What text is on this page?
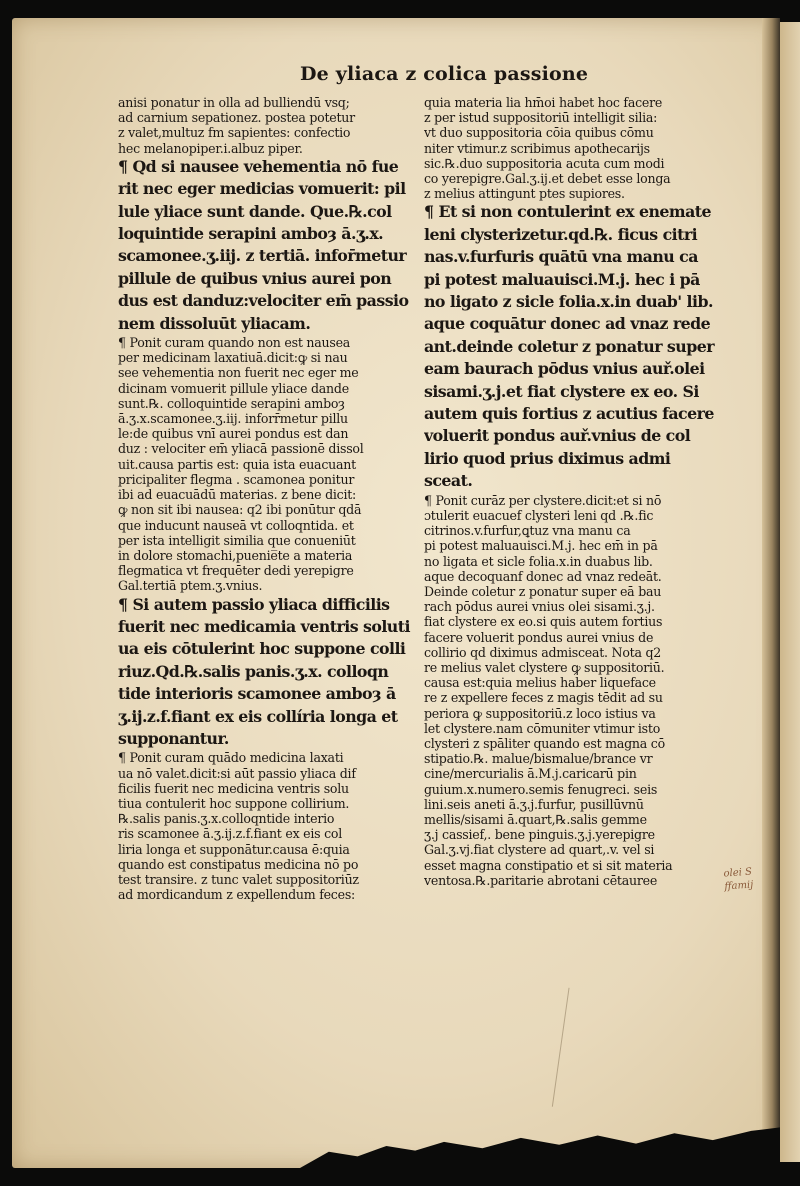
De yliaca z colica passione
anisi ponatur in olla ad bulliendū vsq;
ad carnium sepationez. postea potetur
z valet,multuz fm sapientes: confectio
hec melanopiper.i.albuz piper.
¶ Qd si nausee vehementia nō fue
rit nec eger medicias vomuerit: pil
lule yliace sunt dande. Que.℞.col
loquintide serapini amboȝ ā.ʒ.x.
scamonee.ʒ.iij. z tertiā. infor̄metur
pillule de quibus vnius aurei pon
dus est danduz:velociter em̄ passio
nem dissoluūt yliacam.
¶ Ponit curam quando non est nausea
per medicinam laxatiuā.dicit:ꝙ si nau
see vehementia non fuerit nec eger me
dicinam vomuerit pillule yliace dande
sunt.℞. colloquintide serapini amboȝ
ā.ʒ.x.scamonee.ʒ.iij. inforr̄metur pillu
le:de quibus vnī aurei pondus est dan
duz : velociter em̄ yliacā passionē dissol
uit.causa partis est: quia ista euacuant
pricipaliter flegma . scamonea ponitur
ibi ad euacuādū materias. z bene dicit:
ꝙ non sit ibi nausea: q2 ibi ponūtur qdā
que inducunt nauseā vt colloqntida. et
per ista intelligit similia que conueniūt
in dolore stomachi,puenie̅te a materia
flegmatica vt frequēter dedi yerepigre
Gal.tertiā ptem.ʒ.vnius.
¶ Si autem passio yliaca difficilis
fuerit nec medicamia ventris soluti
ua eis cōtulerint hoc suppone colli
riuz.Qd.℞.salis panis.ʒ.x. colloqn
tide interioris scamonee amboȝ ā
ʒ.ij.z.f.fiant ex eis collíria longa et
supponantur.
¶ Ponit curam quādo medicina laxati
ua nō valet.dicit:si aūt passio yliaca dif
ficilis fuerit nec medicina ventris solu
tiua contulerit hoc suppone collirium.
℞.salis panis.ʒ.x.colloqntide interio
ris scamonee ā.ʒ.ij.z.f.fiant ex eis col
liria longa et supponātur.causa ē:quia
quando est constipatus medicina nō po
test transire. z tunc valet suppositoriūz
ad mordicandum z expellendum feces:
quia materia lia hm̄oi habet hoc facere
z per istud suppositoriū intelligit silia:
vt duo suppositoria cōia quibus cōmu
niter vtimur.z scribimus apothecarijs
sic.℞.duo suppositoria acuta cum modi
co yerepigre.Gal.ʒ.ij.et debet esse longa
z melius attingunt ptes supiores.
¶ Et si non contulerint ex enemate
leni clysterizetur.qd.℞. ficus citri
nas.v.furfuris quātū vna manu ca
pi potest maluauisci.M.j. hec i pā
no ligato z sicle folia.x.in duab' lib.
aque coquātur donec ad vnaz rede
ant.deinde coletur z ponatur super
eam baurach pōdus vnius auř.olei
sisami.ʒ.j.et fiat clystere ex eo. Si
autem quis fortius z acutius facere
voluerit pondus auř.vnius de col
lirio quod prius diximus admi
sceat.
¶ Ponit curāz per clystere.dicit:et si nō
ɔtulerit euacuef clysteri leni qd .℞.fic
citrinos.v.furfur,ꝗtuz vna manu ca
pi potest maluauisci.M.j. hec em̄ in pā
no ligata et sicle folia.x.in duabus lib.
aque decoquanf donec ad vnaz redeāt.
Deinde coletur z ponatur super eā bau
rach pōdus aurei vnius olei sisami.ʒ.j.
fiat clystere ex eo.si quis autem fortius
facere voluerit pondus aurei vnius de
collirio qd diximus admisceat. Nota q2
re melius valet clystere ꝙ suppositoriū.
causa est:quia melius haber liqueface
re z expellere feces z magis tēdit ad su
periora ꝙ suppositoriū.z loco istius va
let clystere.nam cōmuniter vtimur isto
clysteri z spāliter quando est magna cō
stipatio.℞. malue/bismalue/brance vr
cine/mercurialis ā.M.j.caricarū pin
guium.x.numero.semis fenugreci. seis
lini.seis aneti ā.ʒ.j.furfur, pusillūvnū
mellis/sisami ā.quart,℞.salis gemme
ʒ.j cassief,. bene pinguis.ʒ.j.yerepigre
Gal.ʒ.vj.fiat clystere ad quart,.v. vel si
esset magna constipatio et si sit materia
ventosa.℞.paritarie abrotani cētauree	olei S ffamij
